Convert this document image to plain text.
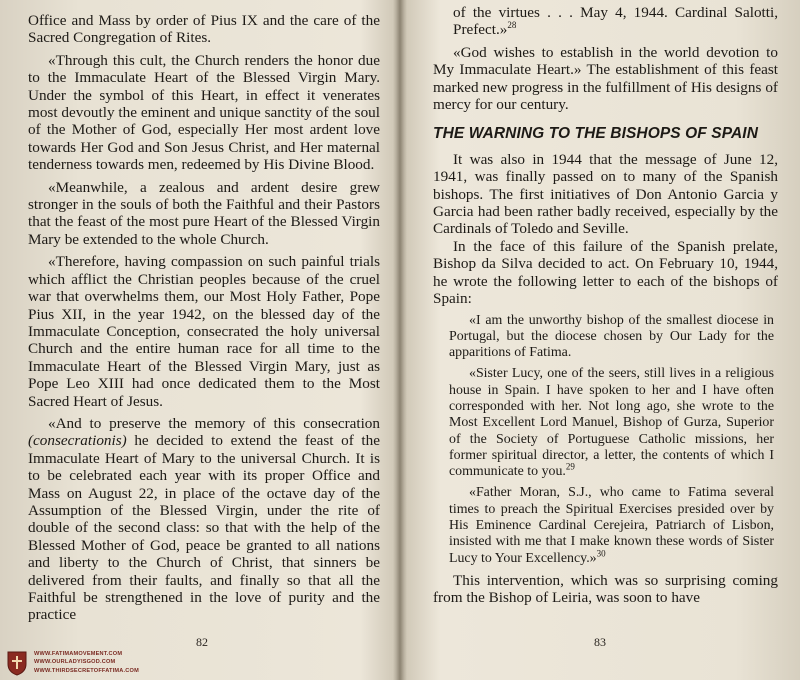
Office and Mass by order of Pius IX and the care of the Sacred Congregation of Rites.

«Through this cult, the Church renders the honor due to the Immaculate Heart of the Blessed Virgin Mary. Under the symbol of this Heart, in effect it venerates most devoutly the eminent and unique sanctity of the soul of the Mother of God, especially Her most ardent love towards Her God and Son Jesus Christ, and Her maternal tenderness towards men, redeemed by His Divine Blood.

«Meanwhile, a zealous and ardent desire grew stronger in the souls of both the Faithful and their Pastors that the feast of the most pure Heart of the Blessed Virgin Mary be extended to the whole Church.

«Therefore, having compassion on such painful trials which afflict the Christian peoples because of the cruel war that overwhelms them, our Most Holy Father, Pope Pius XII, in the year 1942, on the blessed day of the Immaculate Conception, consecrated the holy universal Church and the entire human race for all time to the Immaculate Heart of the Blessed Virgin Mary, just as Pope Leo XIII had once dedicated them to the Most Sacred Heart of Jesus.

«And to preserve the memory of this consecration (consecrationis) he decided to extend the feast of the Immaculate Heart of Mary to the universal Church. It is to be celebrated each year with its proper Office and Mass on August 22, in place of the octave day of the Assumption of the Blessed Virgin, under the rite of double of the second class: so that with the help of the Blessed Mother of God, peace be granted to all nations and liberty to the Church of Christ, that sinners be delivered from their faults, and finally so that all the Faithful be strengthened in the love of purity and the practice

82

of the virtues . . . May 4, 1944. Cardinal Salotti, Prefect.»$^{28}$

«God wishes to establish in the world devotion to My Immaculate Heart.» The establishment of this feast marked new progress in the fulfillment of His designs of mercy for our century.

THE WARNING TO THE BISHOPS OF SPAIN

It was also in 1944 that the message of June 12, 1941, was finally passed on to many of the Spanish bishops. The first initiatives of Don Antonio Garcia y Garcia had been rather badly received, especially by the Cardinals of Toledo and Seville.

In the face of this failure of the Spanish prelate, Bishop da Silva decided to act. On February 10, 1944, he wrote the following letter to each of the bishops of Spain:

«I am the unworthy bishop of the smallest diocese in Portugal, but the diocese chosen by Our Lady for the apparitions of Fatima.

«Sister Lucy, one of the seers, still lives in a religious house in Spain. I have spoken to her and I have often corresponded with her. Not long ago, she wrote to the Most Excellent Lord Manuel, Bishop of Gurza, Superior of the Society of Portuguese Catholic missions, her former spiritual director, a letter, the contents of which I communicate to you.$^{29}$

«Father Moran, S.J., who came to Fatima several times to preach the Spiritual Exercises presided over by His Eminence Cardinal Cerejeira, Patriarch of Lisbon, insisted with me that I make known these words of Sister Lucy to Your Excellency.»$^{30}$

This intervention, which was so surprising coming from the Bishop of Leiria, was soon to have

83
WWW.FATIMAMOVEMENT.COM
WWW.OURLADYISGOD.COM
WWW.THIRDSECRETOFFATIMA.COM
